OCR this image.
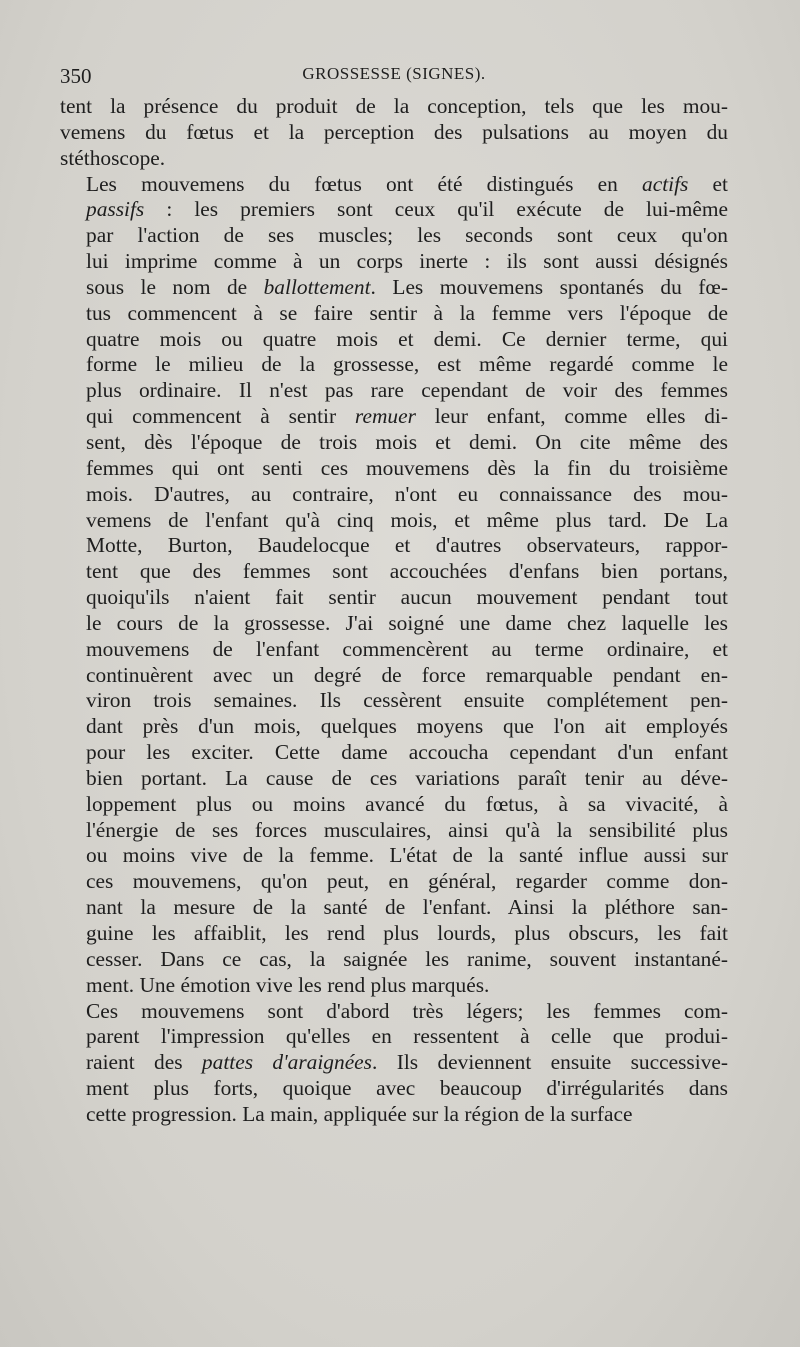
350	GROSSESSE (SIGNES).

tent la présence du produit de la conception, tels que les mou-
vemens du fœtus et la perception des pulsations au moyen du
stéthoscope.

Les mouvemens du fœtus ont été distingués en actifs et
passifs : les premiers sont ceux qu'il exécute de lui-même
par l'action de ses muscles; les seconds sont ceux qu'on
lui imprime comme à un corps inerte : ils sont aussi désignés
sous le nom de ballottement. Les mouvemens spontanés du fœ-
tus commencent à se faire sentir à la femme vers l'époque de
quatre mois ou quatre mois et demi. Ce dernier terme, qui
forme le milieu de la grossesse, est même regardé comme le
plus ordinaire. Il n'est pas rare cependant de voir des femmes
qui commencent à sentir remuer leur enfant, comme elles di-
sent, dès l'époque de trois mois et demi. On cite même des
femmes qui ont senti ces mouvemens dès la fin du troisième
mois. D'autres, au contraire, n'ont eu connaissance des mou-
vemens de l'enfant qu'à cinq mois, et même plus tard. De La
Motte, Burton, Baudelocque et d'autres observateurs, rappor-
tent que des femmes sont accouchées d'enfans bien portans,
quoiqu'ils n'aient fait sentir aucun mouvement pendant tout
le cours de la grossesse. J'ai soigné une dame chez laquelle les
mouvemens de l'enfant commencèrent au terme ordinaire, et
continuèrent avec un degré de force remarquable pendant en-
viron trois semaines. Ils cessèrent ensuite complétement pen-
dant près d'un mois, quelques moyens que l'on ait employés
pour les exciter. Cette dame accoucha cependant d'un enfant
bien portant. La cause de ces variations paraît tenir au déve-
loppement plus ou moins avancé du fœtus, à sa vivacité, à
l'énergie de ses forces musculaires, ainsi qu'à la sensibilité plus
ou moins vive de la femme. L'état de la santé influe aussi sur
ces mouvemens, qu'on peut, en général, regarder comme don-
nant la mesure de la santé de l'enfant. Ainsi la pléthore san-
guine les affaiblit, les rend plus lourds, plus obscurs, les fait
cesser. Dans ce cas, la saignée les ranime, souvent instantané-
ment. Une émotion vive les rend plus marqués.

Ces mouvemens sont d'abord très légers; les femmes com-
parent l'impression qu'elles en ressentent à celle que produi-
raient des pattes d'araignées. Ils deviennent ensuite successive-
ment plus forts, quoique avec beaucoup d'irrégularités dans
cette progression. La main, appliquée sur la région de la surface
